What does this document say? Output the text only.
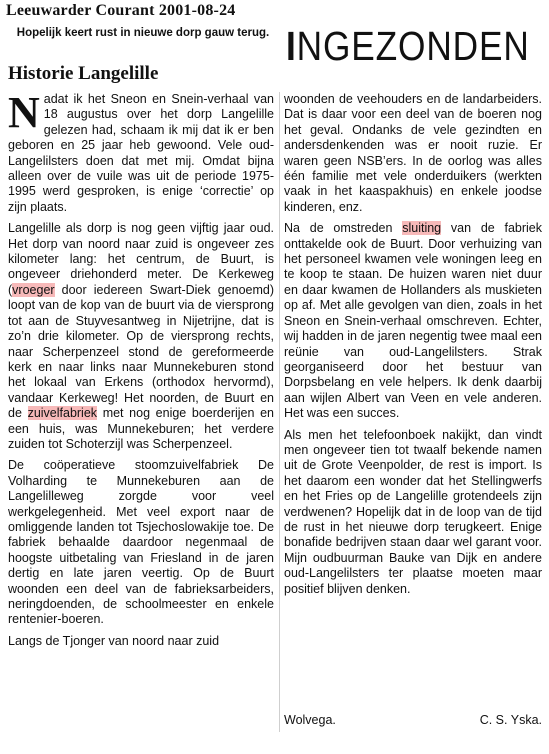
Leeuwarder Courant 2001-08-24
Hopelijk keert rust in nieuwe dorp gauw terug. INGEZONDEN
Historie Langelille

Nadat ik het Sneon en Snein-verhaal van 18 augustus over het dorp Langelille gelezen had, schaam ik mij dat ik er ben geboren en 25 jaar heb gewoond. Vele oud-Langelilsters doen dat met mij. Omdat bijna alleen over de vuile was uit de periode 1975-1995 werd gesproken, is enige ‘correctie’ op zijn plaats.

Langelille als dorp is nog geen vijftig jaar oud. Het dorp van noord naar zuid is ongeveer zes kilometer lang: het centrum, de Buurt, is ongeveer driehonderd meter. De Kerkeweg (vroeger door iedereen Swart-Diek genoemd) loopt van de kop van de buurt via de viersprong tot aan de Stuyvesantweg in Nijetrijne, dat is zo’n drie kilometer. Op de viersprong rechts, naar Scherpenzeel stond de gereformeerde kerk en naar links naar Munnekeburen stond het lokaal van Erkens (orthodox hervormd), vandaar Kerkeweg! Het noorden, de Buurt en de zuivelfabriek met nog enige boerderijen en een huis, was Munnekeburen; het verdere zuiden tot Schoterzijl was Scherpenzeel.

De coöperatieve stoomzuivelfabriek De Volharding te Munnekeburen aan de Langelilleweg zorgde voor veel werkgelegenheid. Met veel export naar de omliggende landen tot Tsjechoslowakije toe. De fabriek behaalde daardoor negenmaal de hoogste uitbetaling van Friesland in de jaren dertig en late jaren veertig. Op de Buurt woonden een deel van de fabrieksarbeiders, neringdoenden, de schoolmeester en enkele rentenier-boeren.

Langs de Tjonger van noord naar zuid

woonden de veehouders en de landarbeiders. Dat is daar voor een deel van de boeren nog het geval. Ondanks de vele gezindten en andersdenkenden was er nooit ruzie. Er waren geen NSB’ers. In de oorlog was alles één familie met vele onderduikers (werkten vaak in het kaaspakhuis) en enkele joodse kinderen, enz.

Na de omstreden sluiting van de fabriek onttakelde ook de Buurt. Door verhuizing van het personeel kwamen vele woningen leeg en te koop te staan. De huizen waren niet duur en daar kwamen de Hollanders als muskieten op af. Met alle gevolgen van dien, zoals in het Sneon en Snein-verhaal omschreven. Echter, wij hadden in de jaren negentig twee maal een reünie van oud-Langelilsters. Strak georganiseerd door het bestuur van Dorpsbelang en vele helpers. Ik denk daarbij aan wijlen Albert van Veen en vele anderen. Het was een succes.

Als men het telefoonboek nakijkt, dan vindt men ongeveer tien tot twaalf bekende namen uit de Grote Veenpolder, de rest is import. Is het daarom een wonder dat het Stellingwerfs en het Fries op de Langelille grotendeels zijn verdwenen? Hopelijk dat in de loop van de tijd de rust in het nieuwe dorp terugkeert. Enige bonafide bedrijven staan daar wel garant voor. Mijn oudbuurman Bauke van Dijk en andere oud-Langelilsters ter plaatse moeten maar positief blijven denken.

Wolvega.	C. S. Yska.
